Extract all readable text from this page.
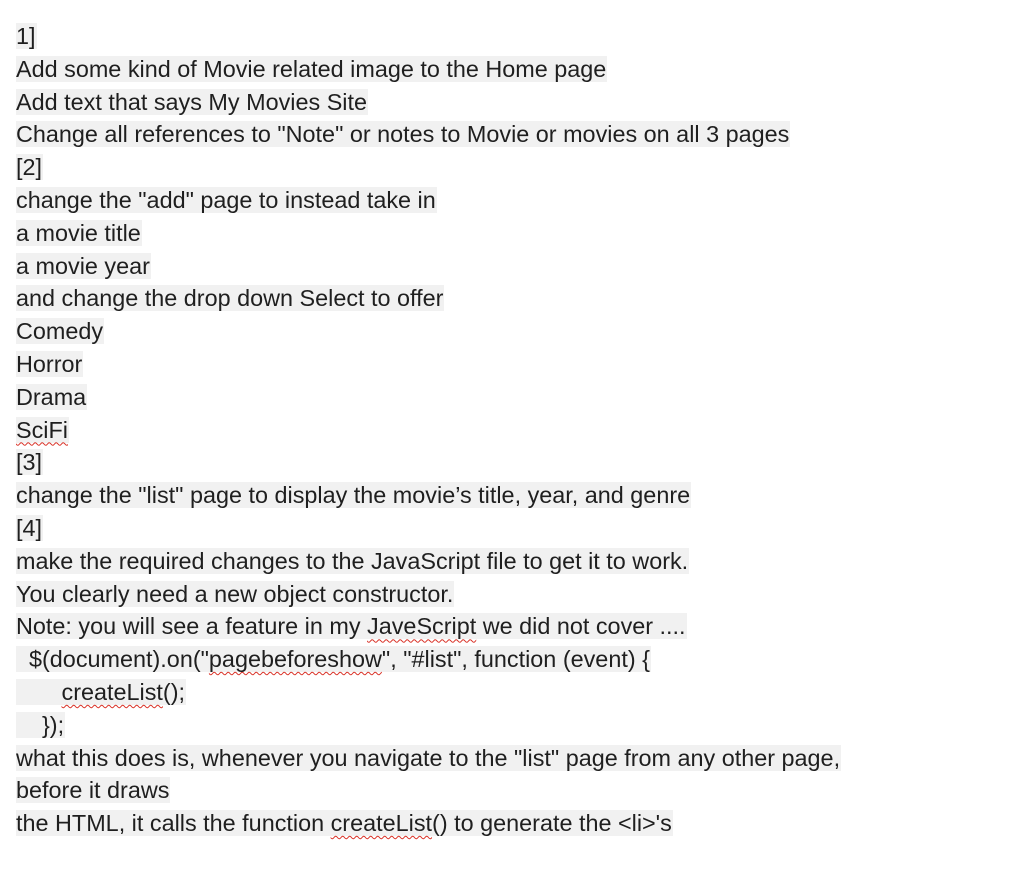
1]
Add some kind of Movie related image to the Home page
Add text that says My Movies Site
Change all references to "Note" or notes to Movie or movies on all 3 pages
[2]
change the "add" page to instead take in
a movie title
a movie year
and change the drop down Select to offer
Comedy
Horror
Drama
SciFi
[3]
change the "list" page to display the movie’s title, year, and genre
[4]
make the required changes to the JavaScript file to get it to work.
You clearly need a new object constructor.
Note: you will see a feature in my JaveScript we did not cover ....
$(document).on("pagebeforeshow", "#list", function (event) {
createList();
});
what this does is, whenever you navigate to the "list" page from any other page,
before it draws
the HTML, it calls the function createList() to generate the <li>'s
